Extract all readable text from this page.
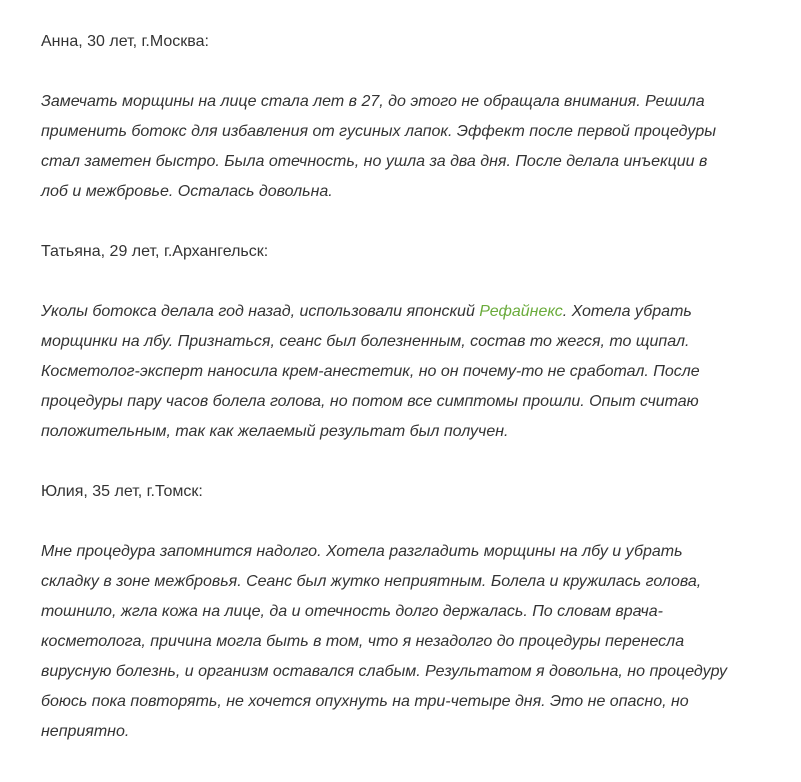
Анна, 30 лет, г.Москва:

Замечать морщины на лице стала лет в 27, до этого не обращала внимания. Решила

применить ботокс для избавления от гусиных лапок. Эффект после первой процедуры

стал заметен быстро. Была отечность, но ушла за два дня. После делала инъекции в

лоб и межбровье. Осталась довольна.

Татьяна, 29 лет, г.Архангельск:

Уколы ботокса делала год назад, использовали японский Рефайнекс. Хотела убрать

морщинки на лбу. Признаться, сеанс был болезненным, состав то жегся, то щипал.

Косметолог-эксперт наносила крем-анестетик, но он почему-то не сработал. После

процедуры пару часов болела голова, но потом все симптомы прошли. Опыт считаю

положительным, так как желаемый результат был получен.

Юлия, 35 лет, г.Томск:

Мне процедура запомнится надолго. Хотела разгладить морщины на лбу и убрать

складку в зоне межбровья. Сеанс был жутко неприятным. Болела и кружилась голова,

тошнило, жгла кожа на лице, да и отечность долго держалась. По словам врача-

косметолога, причина могла быть в том, что я незадолго до процедуры перенесла

вирусную болезнь, и организм оставался слабым. Результатом я довольна, но процедуру

боюсь пока повторять, не хочется опухнуть на три-четыре дня. Это не опасно, но

неприятно.
